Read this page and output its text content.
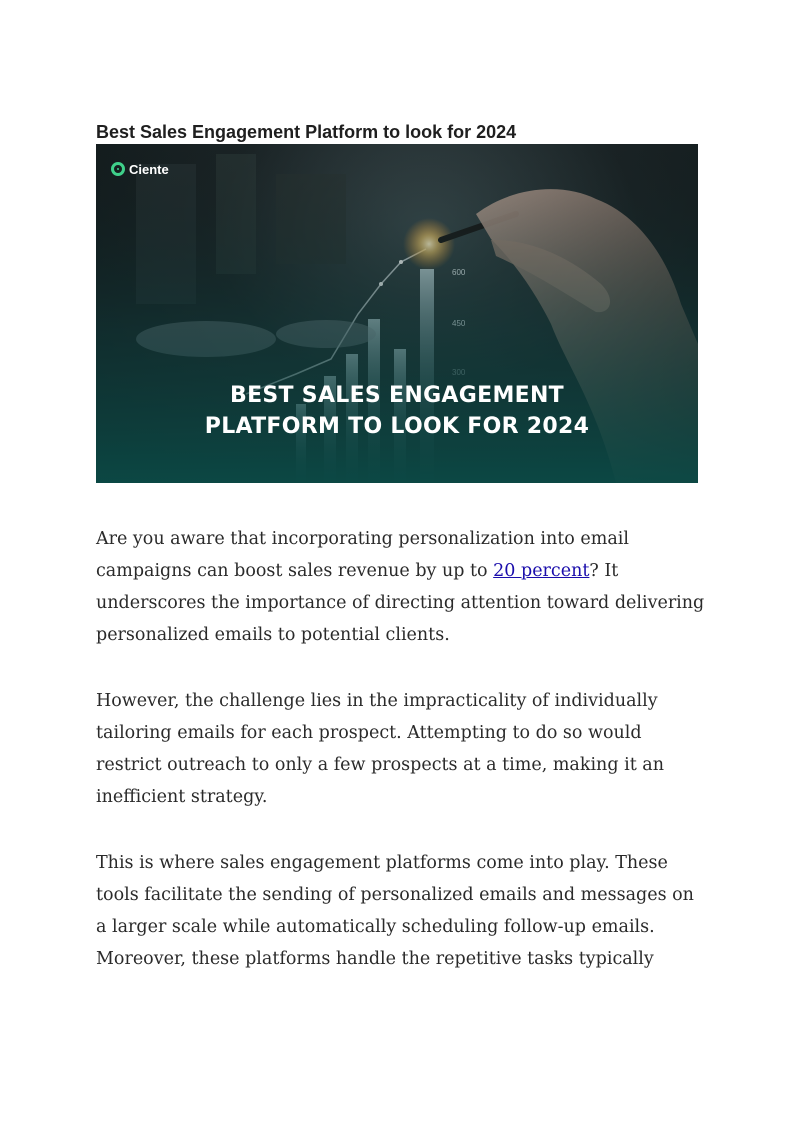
Best Sales Engagement Platform to look for 2024
Ciente
BEST SALES ENGAGEMENT
PLATFORM TO LOOK FOR 2024
Are you aware that incorporating personalization into email campaigns can boost sales revenue by up to 20 percent? It underscores the importance of directing attention toward delivering personalized emails to potential clients.
However, the challenge lies in the impracticality of individually tailoring emails for each prospect. Attempting to do so would restrict outreach to only a few prospects at a time, making it an inefficient strategy.
This is where sales engagement platforms come into play. These tools facilitate the sending of personalized emails and messages on a larger scale while automatically scheduling follow-up emails. Moreover, these platforms handle the repetitive tasks typically
